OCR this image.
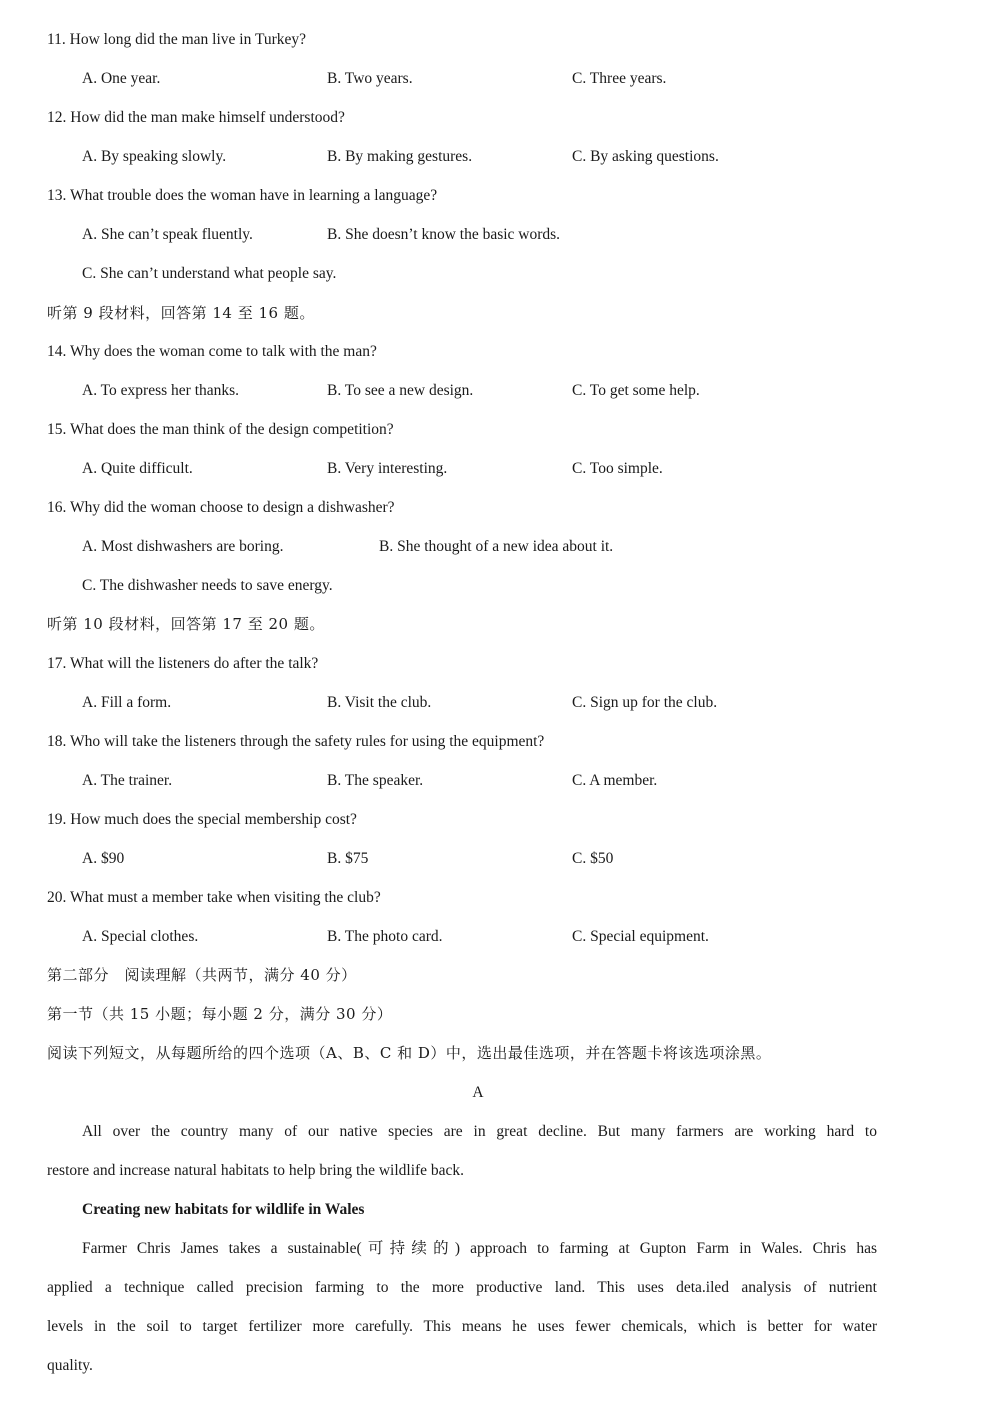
11. How long did the man live in Turkey?
A. One year.	B. Two years.	C. Three years.
12. How did the man make himself understood?
A. By speaking slowly.	B. By making gestures.	C. By asking questions.
13. What trouble does the woman have in learning a language?
A. She can’t speak fluently.	B. She doesn’t know the basic words.
C. She can’t understand what people say.
听第 9 段材料，回答第 14 至 16 题。
14. Why does the woman come to talk with the man?
A. To express her thanks.	B. To see a new design.	C. To get some help.
15. What does the man think of the design competition?
A. Quite difficult.	B. Very interesting.	C. Too simple.
16. Why did the woman choose to design a dishwasher?
A. Most dishwashers are boring.	B. She thought of a new idea about it.
C. The dishwasher needs to save energy.
听第 10 段材料，回答第 17 至 20 题。
17. What will the listeners do after the talk?
A. Fill a form.	B. Visit the club.	C. Sign up for the club.
18. Who will take the listeners through the safety rules for using the equipment?
A. The trainer.	B. The speaker.	C. A member.
19. How much does the special membership cost?
A. $90	B. $75	C. $50
20. What must a member take when visiting the club?
A. Special clothes.	B. The photo card.	C. Special equipment.
第二部分　阅读理解（共两节，满分 40 分）
第一节（共 15 小题；每小题 2 分，满分 30 分）
阅读下列短文，从每题所给的四个选项（A、B、C 和 D）中，选出最佳选项，并在答题卡将该选项涂黑。
A
All over the country many of our native species are in great decline. But many farmers are working hard to
restore and increase natural habitats to help bring the wildlife back.
Creating new habitats for wildlife in Wales
Farmer Chris James takes a sustainable(可持续的) approach to farming at Gupton Farm in Wales. Chris has
applied a technique called precision farming to the more productive land. This uses deta.iled analysis of nutrient
levels in the soil to target fertilizer more carefully. This means he uses fewer chemicals, which is better for water
quality.
